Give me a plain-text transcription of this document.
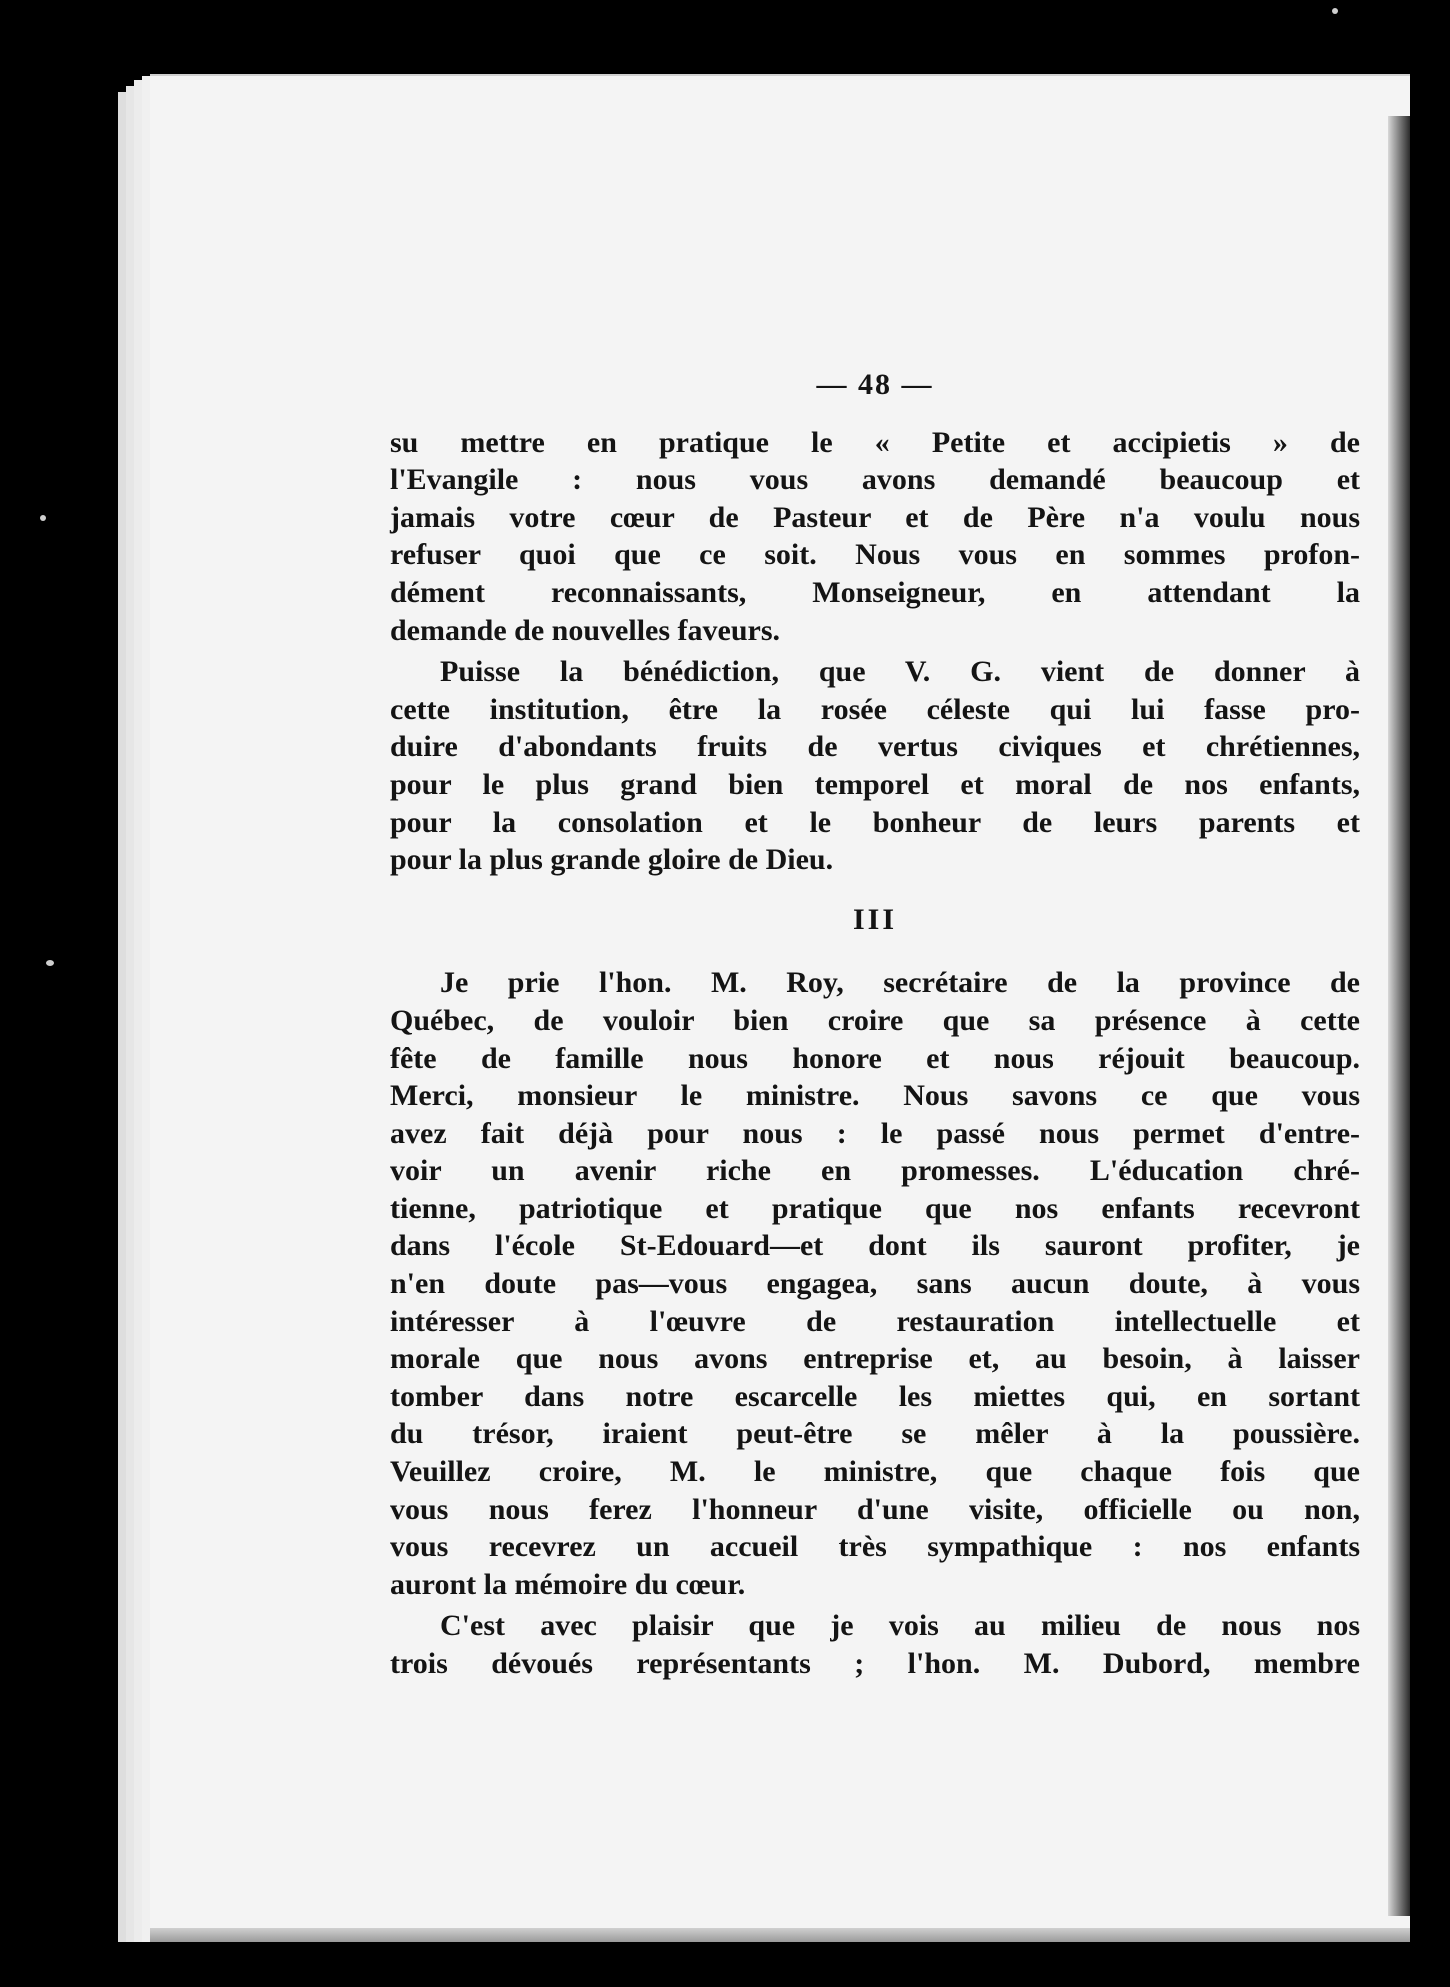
— 48 —
su mettre en pratique le « Petite et accipietis » de
l'Evangile : nous vous avons demandé beaucoup et
jamais votre cœur de Pasteur et de Père n'a voulu nous
refuser quoi que ce soit. Nous vous en sommes profon-
dément reconnaissants, Monseigneur, en attendant la
demande de nouvelles faveurs.
Puisse la bénédiction, que V. G. vient de donner à
cette institution, être la rosée céleste qui lui fasse pro-
duire d'abondants fruits de vertus civiques et chrétiennes,
pour le plus grand bien temporel et moral de nos enfants,
pour la consolation et le bonheur de leurs parents et
pour la plus grande gloire de Dieu.
III
Je prie l'hon. M. Roy, secrétaire de la province de
Québec, de vouloir bien croire que sa présence à cette
fête de famille nous honore et nous réjouit beaucoup.
Merci, monsieur le ministre. Nous savons ce que vous
avez fait déjà pour nous : le passé nous permet d'entre-
voir un avenir riche en promesses. L'éducation chré-
tienne, patriotique et pratique que nos enfants recevront
dans l'école St-Edouard—et dont ils sauront profiter, je
n'en doute pas—vous engagea, sans aucun doute, à vous
intéresser à l'œuvre de restauration intellectuelle et
morale que nous avons entreprise et, au besoin, à laisser
tomber dans notre escarcelle les miettes qui, en sortant
du trésor, iraient peut-être se mêler à la poussière.
Veuillez croire, M. le ministre, que chaque fois que
vous nous ferez l'honneur d'une visite, officielle ou non,
vous recevrez un accueil très sympathique : nos enfants
auront la mémoire du cœur.
C'est avec plaisir que je vois au milieu de nous nos
trois dévoués représentants ; l'hon. M. Dubord, membre
